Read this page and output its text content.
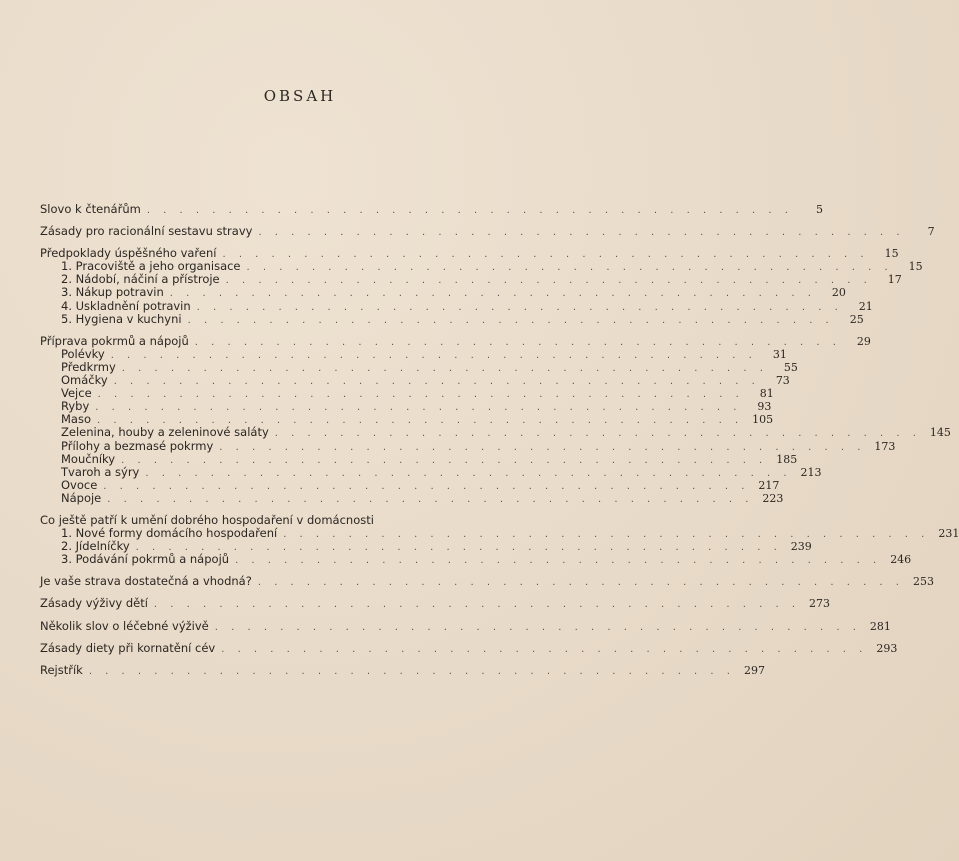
OBSAH
Slovo k čtenářům . . . . . . . . . . . . . . . . . . . . . . . . . . . . . . . . . . . . . . . .	5
Zásady pro racionální sestavu stravy . . . . . . . . . . . . . . . . . . . . . . . . . . . . . . . . . . . . . . . .	7
Předpoklady úspěšného vaření . . . . . . . . . . . . . . . . . . . . . . . . . . . . . . . . . . . . . . . .	15
1. Pracoviště a jeho organisace . . . . . . . . . . . . . . . . . . . . . . . . . . . . . . . . . . . . . . . .	15
2. Nádobí, náčiní a přístroje . . . . . . . . . . . . . . . . . . . . . . . . . . . . . . . . . . . . . . . .	17
3. Nákup potravin . . . . . . . . . . . . . . . . . . . . . . . . . . . . . . . . . . . . . . . .	20
4. Uskladnění potravin . . . . . . . . . . . . . . . . . . . . . . . . . . . . . . . . . . . . . . . .	21
5. Hygiena v kuchyni . . . . . . . . . . . . . . . . . . . . . . . . . . . . . . . . . . . . . . . .	25
Příprava pokrmů a nápojů . . . . . . . . . . . . . . . . . . . . . . . . . . . . . . . . . . . . . . . .	29
Polévky . . . . . . . . . . . . . . . . . . . . . . . . . . . . . . . . . . . . . . . .	31
Předkrmy . . . . . . . . . . . . . . . . . . . . . . . . . . . . . . . . . . . . . . . .	55
Omáčky . . . . . . . . . . . . . . . . . . . . . . . . . . . . . . . . . . . . . . . .	73
Vejce . . . . . . . . . . . . . . . . . . . . . . . . . . . . . . . . . . . . . . . .	81
Ryby . . . . . . . . . . . . . . . . . . . . . . . . . . . . . . . . . . . . . . . .	93
Maso . . . . . . . . . . . . . . . . . . . . . . . . . . . . . . . . . . . . . . . . 105
Zelenina, houby a zeleninové saláty . . . . . . . . . . . . . . . . . . . . . . . . . . . . . . . . . . . . . . . . 145
Přílohy a bezmasé pokrmy . . . . . . . . . . . . . . . . . . . . . . . . . . . . . . . . . . . . . . . . 173
Moučníky . . . . . . . . . . . . . . . . . . . . . . . . . . . . . . . . . . . . . . . . 185
Tvaroh a sýry . . . . . . . . . . . . . . . . . . . . . . . . . . . . . . . . . . . . . . . . 213
Ovoce . . . . . . . . . . . . . . . . . . . . . . . . . . . . . . . . . . . . . . . . 217
Nápoje . . . . . . . . . . . . . . . . . . . . . . . . . . . . . . . . . . . . . . . . 223
Co ještě patří k umění dobrého hospodaření v domácnosti
1. Nové formy domácího hospodaření . . . . . . . . . . . . . . . . . . . . . . . . . . . . . . . . . . . . . . . . 231
2. Jídelníčky . . . . . . . . . . . . . . . . . . . . . . . . . . . . . . . . . . . . . . . . 239
3. Podávání pokrmů a nápojů . . . . . . . . . . . . . . . . . . . . . . . . . . . . . . . . . . . . . . . . 246
Je vaše strava dostatečná a vhodná? . . . . . . . . . . . . . . . . . . . . . . . . . . . . . . . . . . . . . . . . 253
Zásady výživy dětí . . . . . . . . . . . . . . . . . . . . . . . . . . . . . . . . . . . . . . . . 273
Několik slov o léčebné výživě . . . . . . . . . . . . . . . . . . . . . . . . . . . . . . . . . . . . . . . . 281
Zásady diety při kornatění cév . . . . . . . . . . . . . . . . . . . . . . . . . . . . . . . . . . . . . . . . 293
Rejstřík . . . . . . . . . . . . . . . . . . . . . . . . . . . . . . . . . . . . . . . . 297
